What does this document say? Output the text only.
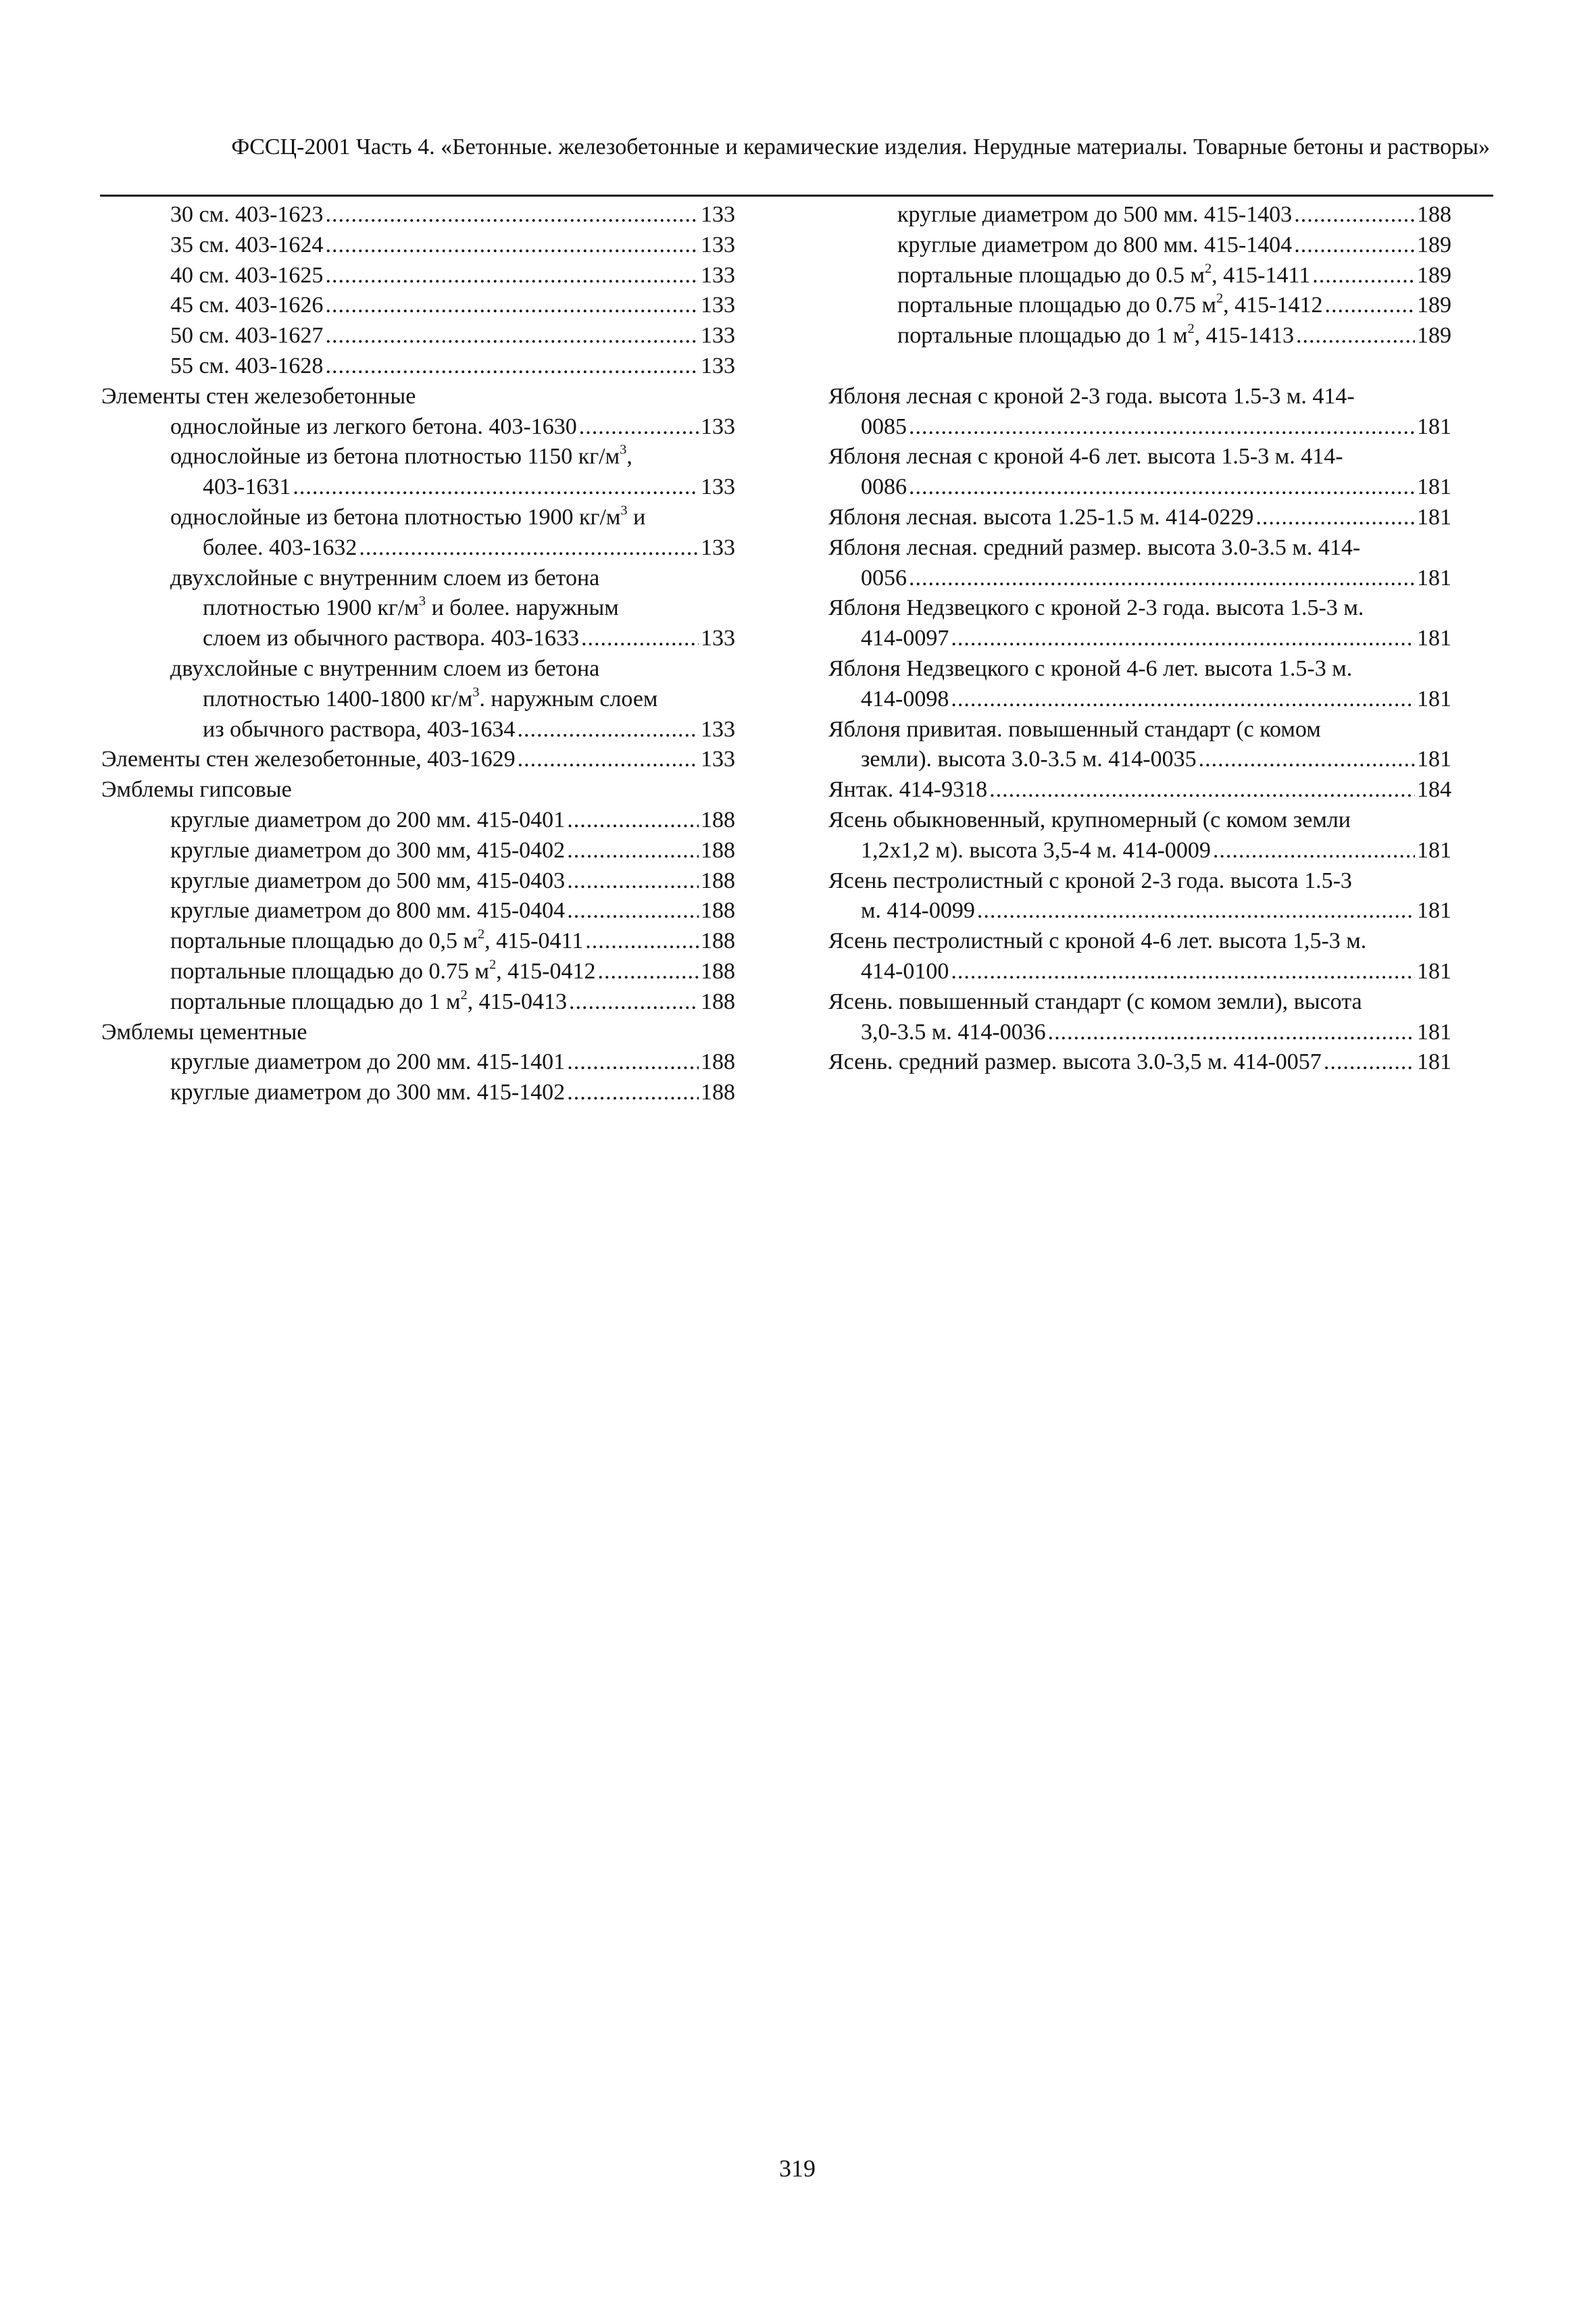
ФССЦ-2001 Часть 4. «Бетонные. железобетонные и керамические изделия. Нерудные материалы. Товарные бетоны и растворы»
30 см. 403-1623 .....	133
35 см. 403-1624 .....	133
40 см. 403-1625 .....	133
45 см. 403-1626 .....	133
50 см. 403-1627 .....	133
55 см. 403-1628 .....	133
Элементы стен железобетонные
однослойные из легкого бетона. 403-1630 .....	133
однослойные из бетона плотностью 1150 $кг/м^3$,
403-1631 .....	133
однослойные из бетона плотностью 1900 $кг/м^3$ и
более. 403-1632 .....	133
двухслойные с внутренним слоем из бетона
плотностью 1900 $кг/м^3$ и более. наружным
слоем из обычного раствора. 403-1633 .....	133
двухслойные с внутренним слоем из бетона
плотностью 1400-1800 $кг/м^3$. наружным слоем
из обычного раствора, 403-1634 .....	133
Элементы стен железобетонные, 403-1629 .....	133
Эмблемы гипсовые
круглые диаметром до 200 мм. 415-0401 .....	188
круглые диаметром до 300 мм, 415-0402 .....	188
круглые диаметром до 500 мм, 415-0403 .....	188
круглые диаметром до 800 мм. 415-0404 .....	188
портальные площадью до 0,5 $м^2$, 415-0411 .....	188
портальные площадью до 0.75 $м^2$, 415-0412 .....	188
портальные площадью до 1 $м^2$, 415-0413 .....	188
Эмблемы цементные
круглые диаметром до 200 мм. 415-1401 .....	188
круглые диаметром до 300 мм. 415-1402 .....	188
круглые диаметром до 500 мм. 415-1403 .....	188
круглые диаметром до 800 мм. 415-1404 .....	189
портальные площадью до 0.5 $м^2$, 415-1411 .....	189
портальные площадью до 0.75 $м^2$, 415-1412 .....	189
портальные площадью до 1 $м^2$, 415-1413 .....	189
Яблоня лесная с кроной 2-3 года. высота 1.5-3 м. 414-
0085 .....	181
Яблоня лесная с кроной 4-6 лет. высота 1.5-3 м. 414-
0086 .....	181
Яблоня лесная. высота 1.25-1.5 м. 414-0229 .....	181
Яблоня лесная. средний размер. высота 3.0-3.5 м. 414-
0056 .....	181
Яблоня Недзвецкого с кроной 2-3 года. высота 1.5-3 м.
414-0097 .....	181
Яблоня Недзвецкого с кроной 4-6 лет. высота 1.5-3 м.
414-0098 .....	181
Яблоня привитая. повышенный стандарт (с комом
земли). высота 3.0-3.5 м. 414-0035 .....	181
Янтак. 414-9318 .....	184
Ясень обыкновенный, крупномерный (с комом земли
1,2x1,2 м). высота 3,5-4 м. 414-0009 .....	181
Ясень пестролистный с кроной 2-3 года. высота 1.5-3
м. 414-0099 .....	181
Ясень пестролистный с кроной 4-6 лет. высота 1,5-3 м.
414-0100 .....	181
Ясень. повышенный стандарт (с комом земли), высота
3,0-3.5 м. 414-0036 .....	181
Ясень. средний размер. высота 3.0-3,5 м. 414-0057 .....	181
319
